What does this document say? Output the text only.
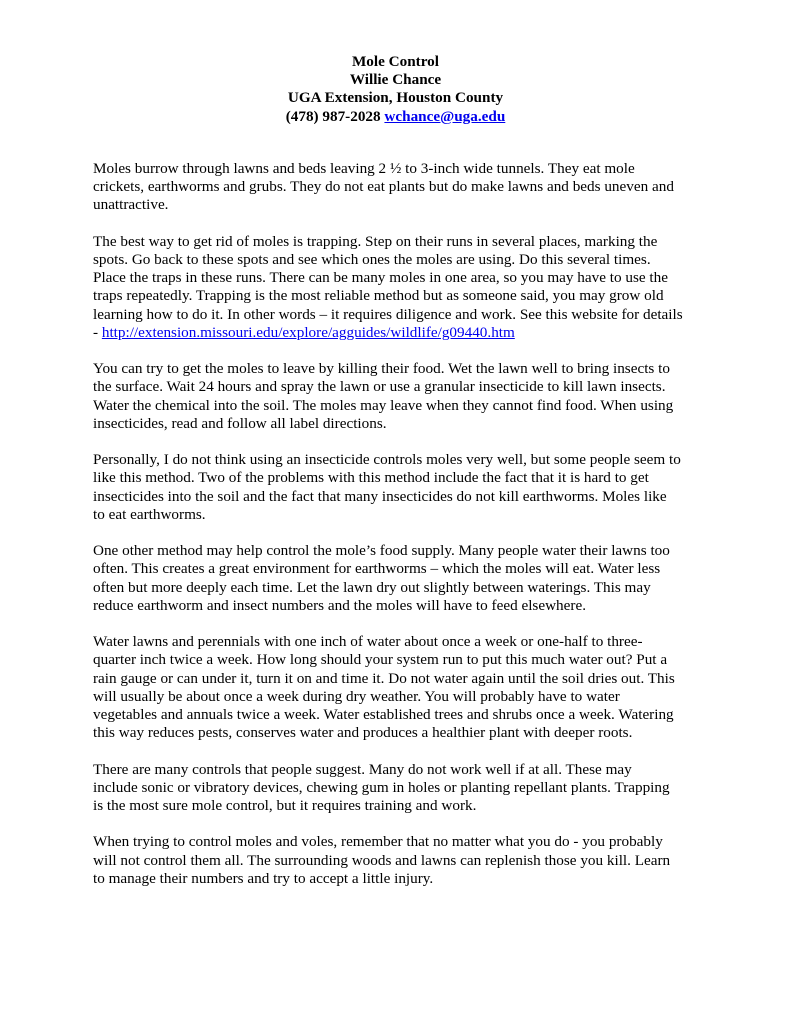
Mole Control
Willie Chance
UGA Extension, Houston County
(478) 987-2028 wchance@uga.edu
Moles burrow through lawns and beds leaving 2 ½ to 3-inch wide tunnels. They eat mole
crickets, earthworms and grubs. They do not eat plants but do make lawns and beds uneven and
unattractive.
The best way to get rid of moles is trapping. Step on their runs in several places, marking the
spots. Go back to these spots and see which ones the moles are using. Do this several times.
Place the traps in these runs. There can be many moles in one area, so you may have to use the
traps repeatedly. Trapping is the most reliable method but as someone said, you may grow old
learning how to do it. In other words – it requires diligence and work. See this website for details
- http://extension.missouri.edu/explore/agguides/wildlife/g09440.htm
You can try to get the moles to leave by killing their food. Wet the lawn well to bring insects to
the surface. Wait 24 hours and spray the lawn or use a granular insecticide to kill lawn insects.
Water the chemical into the soil. The moles may leave when they cannot find food. When using
insecticides, read and follow all label directions.
Personally, I do not think using an insecticide controls moles very well, but some people seem to
like this method. Two of the problems with this method include the fact that it is hard to get
insecticides into the soil and the fact that many insecticides do not kill earthworms. Moles like
to eat earthworms.
One other method may help control the mole’s food supply. Many people water their lawns too
often. This creates a great environment for earthworms – which the moles will eat. Water less
often but more deeply each time. Let the lawn dry out slightly between waterings. This may
reduce earthworm and insect numbers and the moles will have to feed elsewhere.
Water lawns and perennials with one inch of water about once a week or one-half to three-
quarter inch twice a week. How long should your system run to put this much water out? Put a
rain gauge or can under it, turn it on and time it. Do not water again until the soil dries out. This
will usually be about once a week during dry weather. You will probably have to water
vegetables and annuals twice a week. Water established trees and shrubs once a week. Watering
this way reduces pests, conserves water and produces a healthier plant with deeper roots.
There are many controls that people suggest. Many do not work well if at all. These may
include sonic or vibratory devices, chewing gum in holes or planting repellant plants. Trapping
is the most sure mole control, but it requires training and work.
When trying to control moles and voles, remember that no matter what you do - you probably
will not control them all. The surrounding woods and lawns can replenish those you kill. Learn
to manage their numbers and try to accept a little injury.
